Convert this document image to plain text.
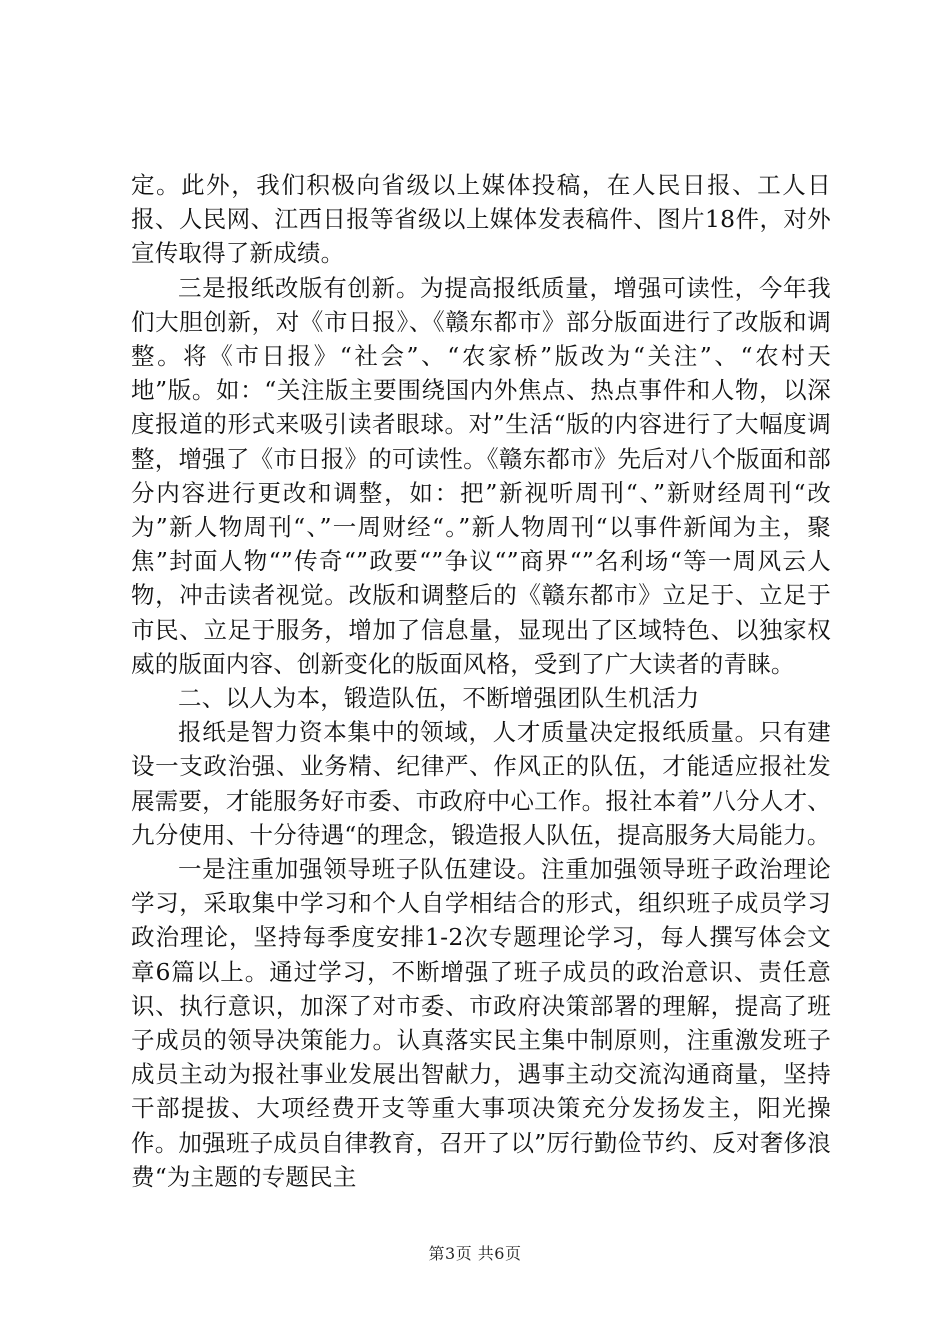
定。此外，我们积极向省级以上媒体投稿，在人民日报、工人日报、人民网、江西日报等省级以上媒体发表稿件、图片18件，对外宣传取得了新成绩。

三是报纸改版有创新。为提高报纸质量，增强可读性，今年我们大胆创新，对《市日报》、《赣东都市》部分版面进行了改版和调整。将《市日报》“社会”、“农家桥”版改为“关注”、“农村天地”版。如：“关注版主要围绕国内外焦点、热点事件和人物，以深度报道的形式来吸引读者眼球。对”生活“版的内容进行了大幅度调整，增强了《市日报》的可读性。《赣东都市》先后对八个版面和部分内容进行更改和调整，如：把”新视听周刊“、”新财经周刊“改为”新人物周刊“、”一周财经“。”新人物周刊“以事件新闻为主，聚焦”封面人物“”传奇“”政要“”争议“”商界“”名利场“等一周风云人物，冲击读者视觉。改版和调整后的《赣东都市》立足于、立足于市民、立足于服务，增加了信息量，显现出了区域特色、以独家权威的版面内容、创新变化的版面风格，受到了广大读者的青睐。

二、以人为本，锻造队伍，不断增强团队生机活力

报纸是智力资本集中的领域，人才质量决定报纸质量。只有建设一支政治强、业务精、纪律严、作风正的队伍，才能适应报社发展需要，才能服务好市委、市政府中心工作。报社本着”八分人才、九分使用、十分待遇“的理念，锻造报人队伍，提高服务大局能力。

一是注重加强领导班子队伍建设。注重加强领导班子政治理论学习，采取集中学习和个人自学相结合的形式，组织班子成员学习政治理论，坚持每季度安排1-2次专题理论学习，每人撰写体会文章6篇以上。通过学习，不断增强了班子成员的政治意识、责任意识、执行意识，加深了对市委、市政府决策部署的理解，提高了班子成员的领导决策能力。认真落实民主集中制原则，注重激发班子成员主动为报社事业发展出智献力，遇事主动交流沟通商量，坚持干部提拔、大项经费开支等重大事项决策充分发扬发主，阳光操作。加强班子成员自律教育，召开了以”厉行勤俭节约、反对奢侈浪费“为主题的专题民主

第3页 共6页
